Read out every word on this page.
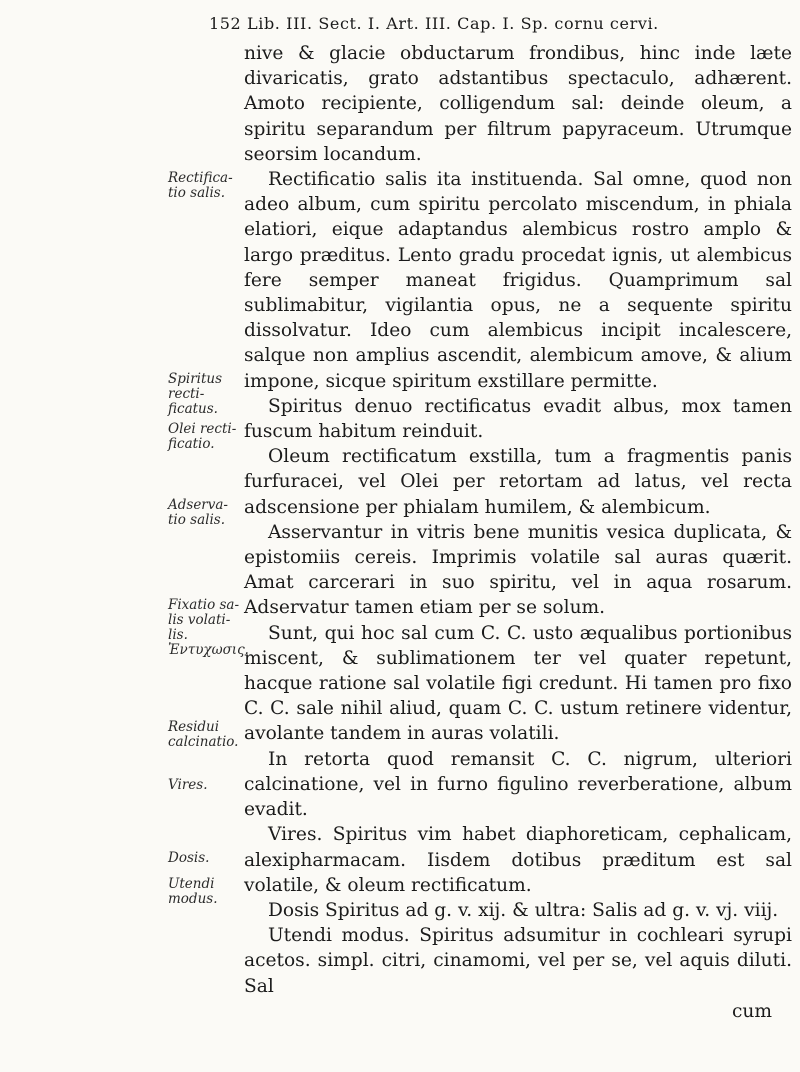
152 Lib. III. Sect. I. Art. III. Cap. I. Sp. cornu cervi.

nive & glacie obductarum frondibus, hinc inde læte divaricatis, grato adstantibus spectaculo, adhærent. Amoto recipiente, colligendum sal: deinde oleum, a spiritu separandum per filtrum papyraceum. Utrumque seorsim locandum.

Rectificatio salis ita instituenda. Sal omne, quod non adeo album, cum spiritu percolato miscendum, in phiala elatiori, eique adaptandus alembicus rostro amplo & largo præditus. Lento gradu procedat ignis, ut alembicus fere semper maneat frigidus. Quamprimum sal sublimabitur, vigilantia opus, ne a sequente spiritu dissolvatur. Ideo cum alembicus incipit incalescere, salque non amplius ascendit, alembicum amove, & alium impone, sicque spiritum exstillare permitte.

Spiritus denuo rectificatus evadit albus, mox tamen fuscum habitum reinduit.

Oleum rectificatum exstilla, tum a fragmentis panis furfuracei, vel Olei per retortam ad latus, vel recta adscensione per phialam humilem, & alembicum.

Asservantur in vitris bene munitis vesica duplicata, & epistomiis cereis. Imprimis volatile sal auras quærit. Amat carcerari in suo spiritu, vel in aqua rosarum. Adservatur tamen etiam per se solum.

Sunt, qui hoc sal cum C. C. usto æqualibus portionibus miscent, & sublimationem ter vel quater repetunt, hacque ratione sal volatile figi credunt. Hi tamen pro fixo C. C. sale nihil aliud, quam C. C. ustum retinere videntur, avolante tandem in auras volatili.

In retorta quod remansit C. C. nigrum, ulteriori calcinatione, vel in furno figulino reverberatione, album evadit.

Vires. Spiritus vim habet diaphoreticam, cephalicam, alexipharmacam. Iisdem dotibus præditum est sal volatile, & oleum rectificatum.

Dosis Spiritus ad g. v. xij. & ultra: Salis ad g. v. vj. viij.

Utendi modus. Spiritus adsumitur in cochleari syrupi acetos. simpl. citri, cinamomi, vel per se, vel aquis diluti. Sal

cum

Rectifica-tio salis.
Spiritus recti-ficatus.
Olei recti-ficatio.
Adserva-tio salis.
Fixatio sa-lis volati-lis. Ἐντυχωσις.
Residui calcinatio.
Vires.
Dosis.
Utendi modus.
